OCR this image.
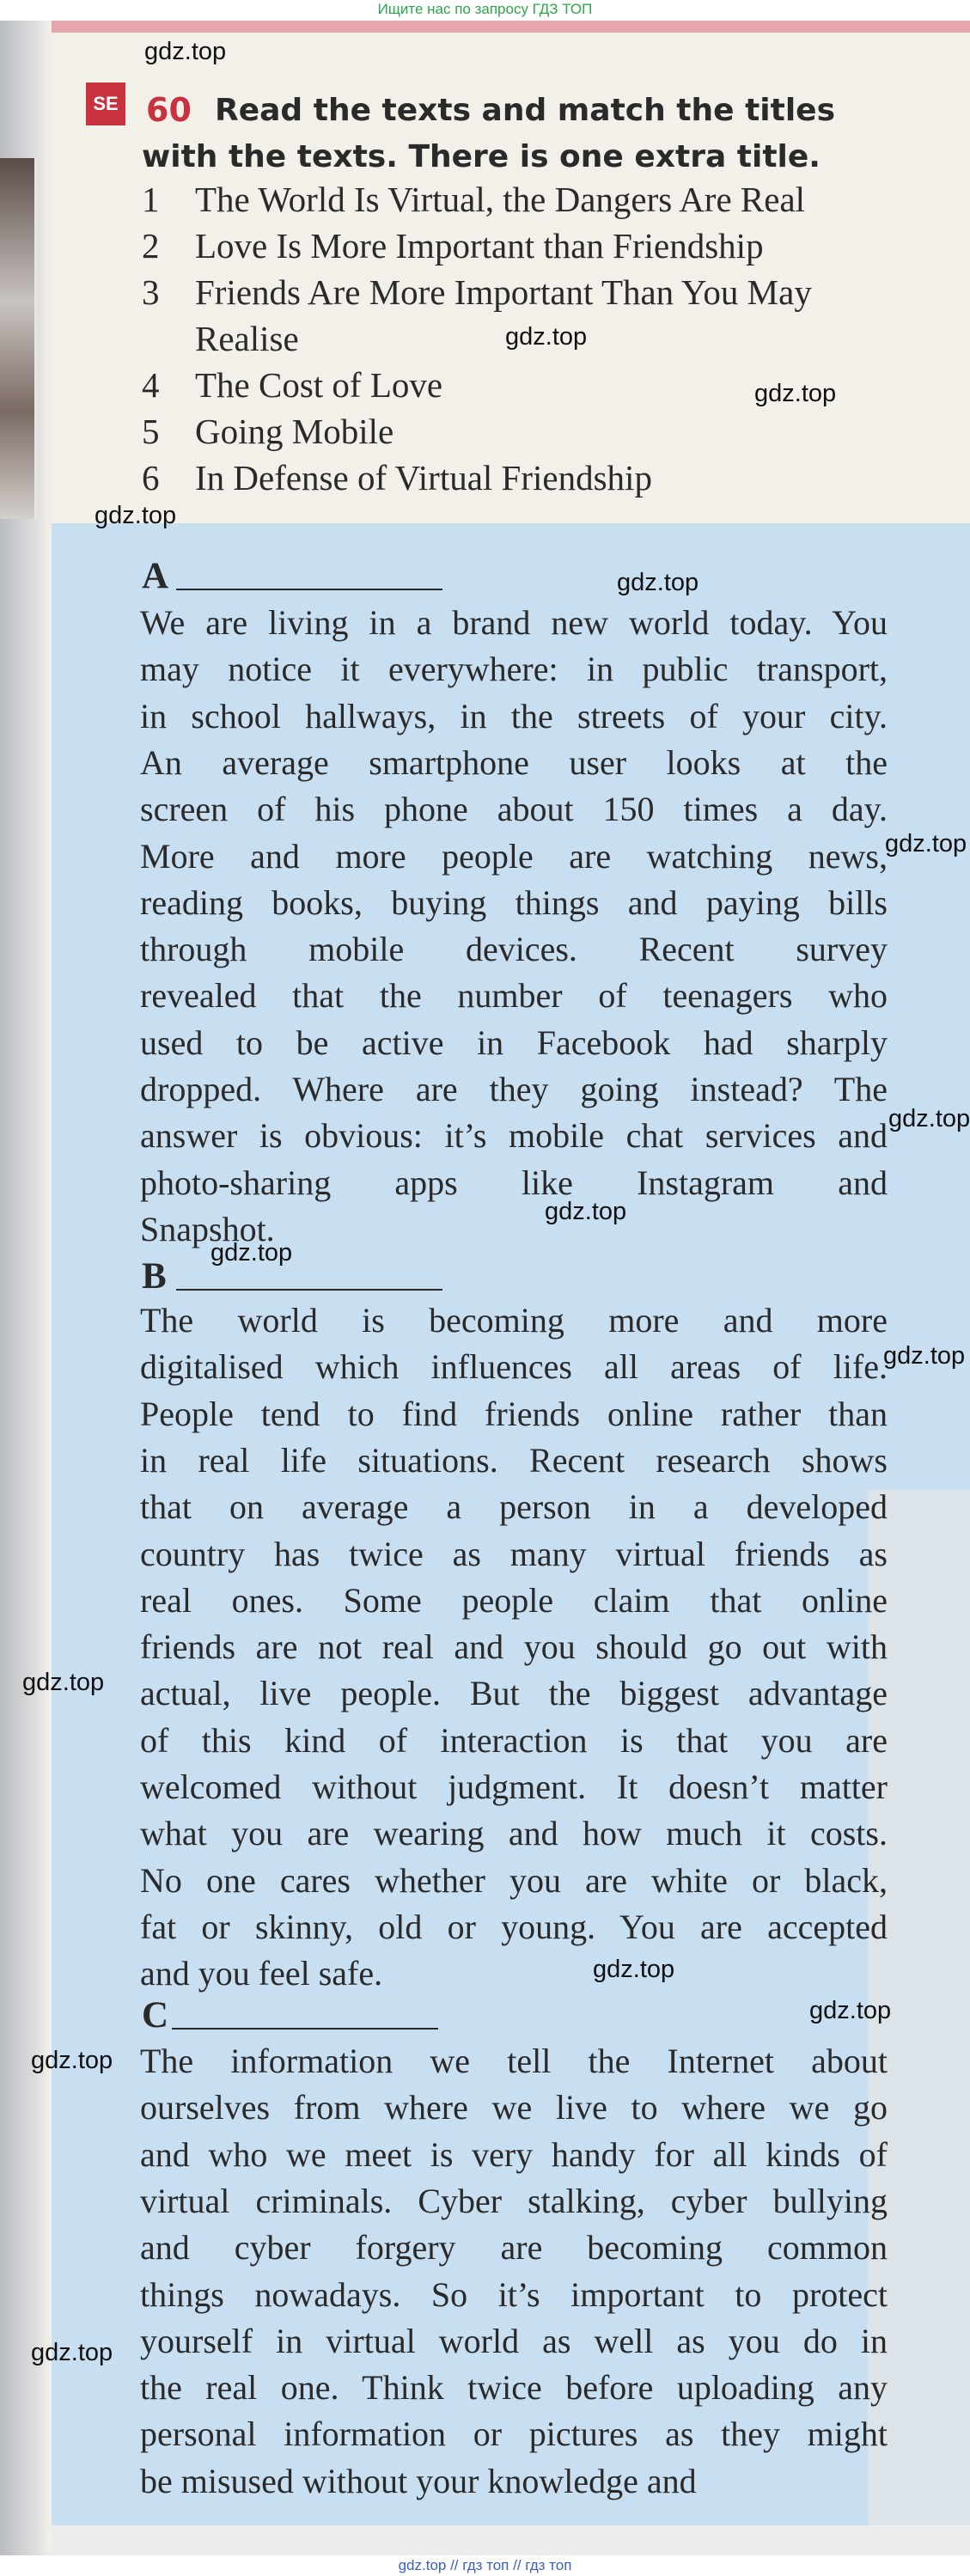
Ищите нас по запросу ГДЗ ТОП
SE 60 Read the texts and match the titles
with the texts. There is one extra title.
1 The World Is Virtual, the Dangers Are Real
2 Love Is More Important than Friendship
3 Friends Are More Important Than You May
Realise
4 The Cost of Love
5 Going Mobile
6 In Defense of Virtual Friendship
A
We are living in a brand new world today. You
may notice it everywhere: in public transport,
in school hallways, in the streets of your city.
An average smartphone user looks at the
screen of his phone about 150 times a day.
More and more people are watching news,
reading books, buying things and paying bills
through mobile devices. Recent survey
revealed that the number of teenagers who
used to be active in Facebook had sharply
dropped. Where are they going instead? The
answer is obvious: it’s mobile chat services and
photo-sharing apps like Instagram and
Snapshot.
B
The world is becoming more and more
digitalised which influences all areas of life.
People tend to find friends online rather than
in real life situations. Recent research shows
that on average a person in a developed
country has twice as many virtual friends as
real ones. Some people claim that online
friends are not real and you should go out with
actual, live people. But the biggest advantage
of this kind of interaction is that you are
welcomed without judgment. It doesn’t matter
what you are wearing and how much it costs.
No one cares whether you are white or black,
fat or skinny, old or young. You are accepted
and you feel safe.
C
The information we tell the Internet about
ourselves from where we live to where we go
and who we meet is very handy for all kinds of
virtual criminals. Cyber stalking, cyber bullying
and cyber forgery are becoming common
things nowadays. So it’s important to protect
yourself in virtual world as well as you do in
the real one. Think twice before uploading any
personal information or pictures as they might
be misused without your knowledge and
gdz.top
gdz.top
gdz.top
gdz.top
gdz.top
gdz.top
gdz.top
gdz.top
gdz.top
gdz.top
gdz.top
gdz.top
gdz.top
gdz.top
gdz.top
gdz.top // гдз топ // гдз топ
